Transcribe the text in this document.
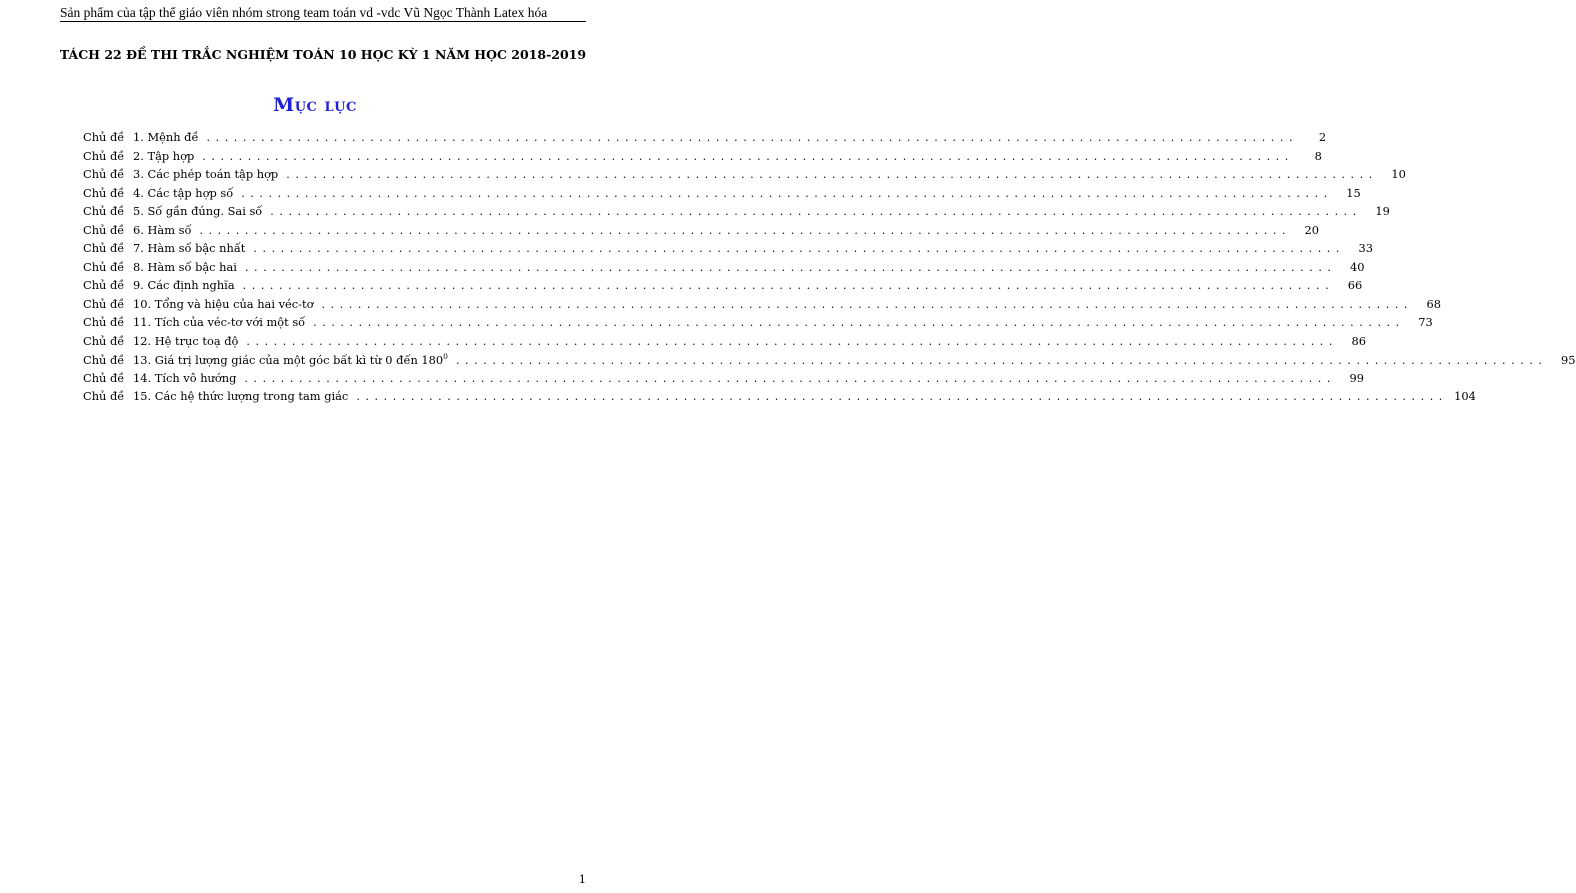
Sản phẩm của tập thể giáo viên nhóm strong team toán vd -vdc Vũ Ngọc Thành Latex hóa
TÁCH 22 ĐỀ THI TRẮC NGHIỆM TOÁN 10 HỌC KỲ 1 NĂM HỌC 2018-2019
Mục lục
Chủ đề 1. Mệnh đề ........................................................................................................................	2
Chủ đề 2. Tập hợp ........................................................................................................................	8
Chủ đề 3. Các phép toán tập hợp ........................................................................................................................	10
Chủ đề 4. Các tập hợp số ........................................................................................................................	15
Chủ đề 5. Số gần đúng. Sai số ........................................................................................................................	19
Chủ đề 6. Hàm số ........................................................................................................................	20
Chủ đề 7. Hàm số bậc nhất ........................................................................................................................	33
Chủ đề 8. Hàm số bậc hai ........................................................................................................................	40
Chủ đề 9. Các định nghĩa ........................................................................................................................	66
Chủ đề 10. Tổng và hiệu của hai véc-tơ ........................................................................................................................	68
Chủ đề 11. Tích của véc-tơ với một số ........................................................................................................................	73
Chủ đề 12. Hệ trục toạ độ ........................................................................................................................	86
Chủ đề 13. Giá trị lượng giác của một góc bất kì từ 0 đến $180^0$ ........................................................................................................................	95
Chủ đề 14. Tích vô hướng ........................................................................................................................	99
Chủ đề 15. Các hệ thức lượng trong tam giác ........................................................................................................................ 104
1
